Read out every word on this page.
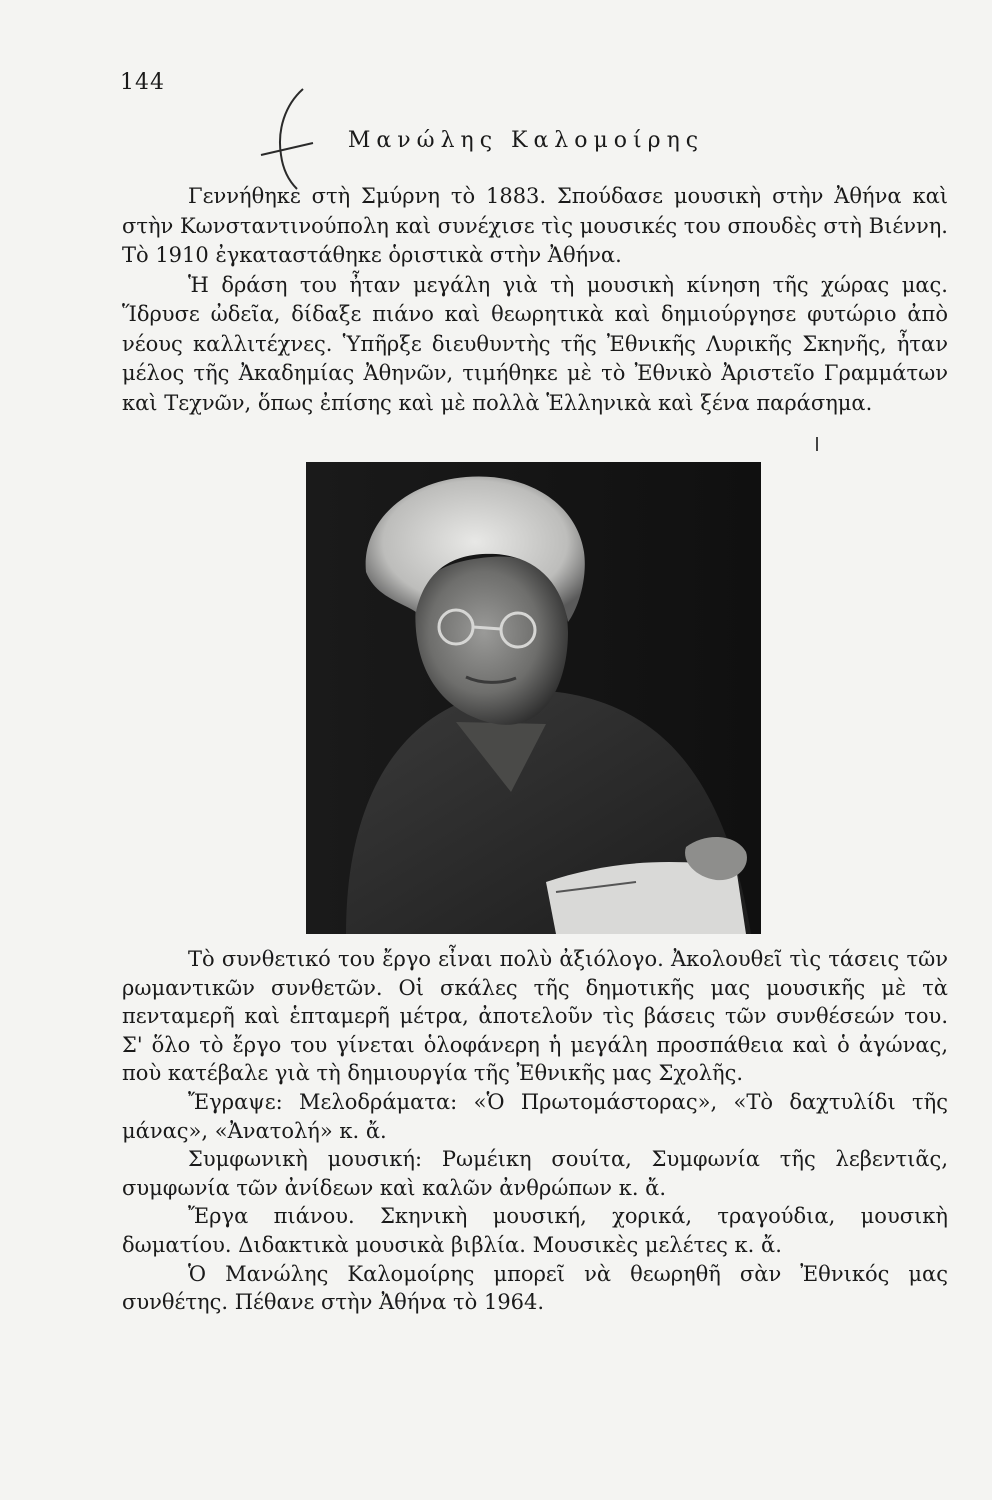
144
Μανώλης Καλομοίρης

Γεννήθηκε στὴ Σμύρνη τὸ 1883. Σπούδασε μουσικὴ στὴν Ἀθήνα καὶ στὴν Κωνσταντινούπολη καὶ συνέχισε τὶς μουσικές του σπουδὲς στὴ Βιέννη. Τὸ 1910 ἐγκαταστάθηκε ὁριστικὰ στὴν Ἀθήνα.

Ἡ δράση του ἦταν μεγάλη γιὰ τὴ μουσικὴ κίνηση τῆς χώρας μας. Ἵδρυσε ὠδεῖα, δίδαξε πιάνο καὶ θεωρητικὰ καὶ δημιούργησε φυτώριο ἀπὸ νέους καλλιτέχνες. Ὑπῆρξε διευθυντὴς τῆς Ἐθνικῆς Λυρικῆς Σκηνῆς, ἦταν μέλος τῆς Ἀκαδημίας Ἀθηνῶν, τιμήθηκε μὲ τὸ Ἐθνικὸ Ἀριστεῖο Γραμμάτων καὶ Τεχνῶν, ὅπως ἐπίσης καὶ μὲ πολλὰ Ἑλληνικὰ καὶ ξένα παράσημα.

Τὸ συνθετικό του ἔργο εἶναι πολὺ ἀξιόλογο. Ἀκολουθεῖ τὶς τάσεις τῶν ρωμαντικῶν συνθετῶν. Οἱ σκάλες τῆς δημοτικῆς μας μουσικῆς μὲ τὰ πενταμερῆ καὶ ἑπταμερῆ μέτρα, ἀποτελοῦν τὶς βάσεις τῶν συνθέσεών του. Σ' ὅλο τὸ ἔργο του γίνεται ὁλοφάνερη ἡ μεγάλη προσπάθεια καὶ ὁ ἀγώνας, ποὺ κατέβαλε γιὰ τὴ δημιουργία τῆς Ἐθνικῆς μας Σχολῆς.

Ἔγραψε: Μελοδράματα: «Ὁ Πρωτομάστορας», «Τὸ δαχτυλίδι τῆς μάνας», «Ἀνατολή» κ. ἄ.

Συμφωνικὴ μουσική: Ρωμέικη σουίτα, Συμφωνία τῆς λεβεντιᾶς, συμφωνία τῶν ἀνίδεων καὶ καλῶν ἀνθρώπων κ. ἄ.

Ἔργα πιάνου. Σκηνικὴ μουσική, χορικά, τραγούδια, μουσικὴ δωματίου. Διδακτικὰ μουσικὰ βιβλία. Μουσικὲς μελέτες κ. ἄ.

Ὁ Μανώλης Καλομοίρης μπορεῖ νὰ θεωρηθῆ σὰν Ἐθνικός μας συνθέτης. Πέθανε στὴν Ἀθήνα τὸ 1964.
